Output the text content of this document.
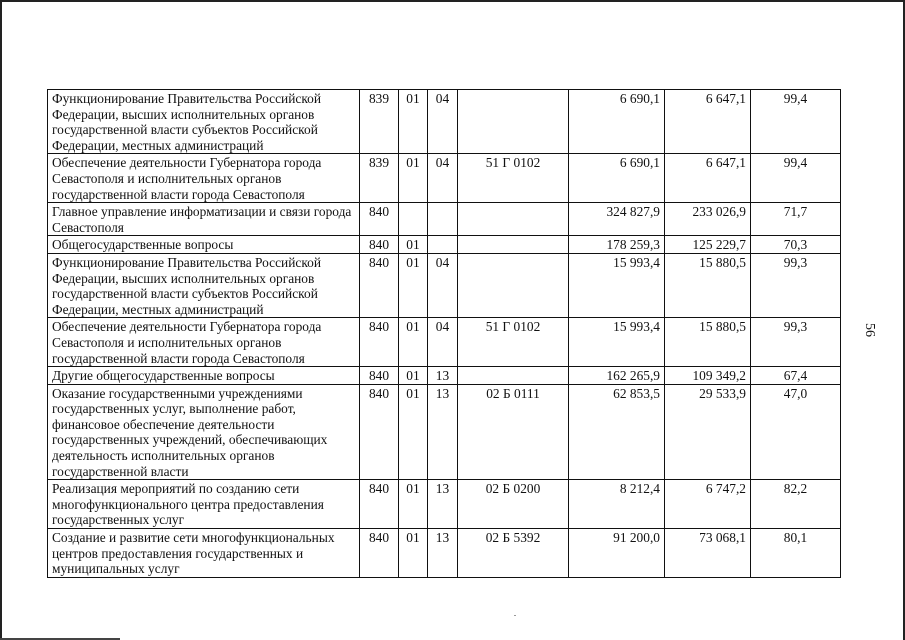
56
Функционирование Правительства Российской Федерации, высших исполнительных органов государственной власти субъектов Российской Федерации, местных администраций	839	01	04		6 690,1	6 647,1	99,4
Обеспечение деятельности Губернатора города Севастополя и исполнительных органов государственной власти города Севастополя	839	01	04	51 Г 0102	6 690,1	6 647,1	99,4
Главное управление информатизации и связи города Севастополя	840				324 827,9	233 026,9	71,7
Общегосударственные вопросы	840	01			178 259,3	125 229,7	70,3
Функционирование Правительства Российской Федерации, высших исполнительных органов государственной власти субъектов Российской Федерации, местных администраций	840	01	04		15 993,4	15 880,5	99,3
Обеспечение деятельности Губернатора города Севастополя и исполнительных органов государственной власти города Севастополя	840	01	04	51 Г 0102	15 993,4	15 880,5	99,3
Другие общегосударственные вопросы	840	01	13		162 265,9	109 349,2	67,4
Оказание государственными учреждениями государственных услуг, выполнение работ, финансовое обеспечение деятельности государственных учреждений, обеспечивающих деятельность исполнительных органов государственной власти	840	01	13	02 Б 0111	62 853,5	29 533,9	47,0
Реализация мероприятий по созданию сети многофункционального центра предоставления государственных услуг	840	01	13	02 Б 0200	8 212,4	6 747,2	82,2
Создание и развитие сети многофункциональных центров предоставления государственных и муниципальных услуг	840	01	13	02 Б 5392	91 200,0	73 068,1	80,1
